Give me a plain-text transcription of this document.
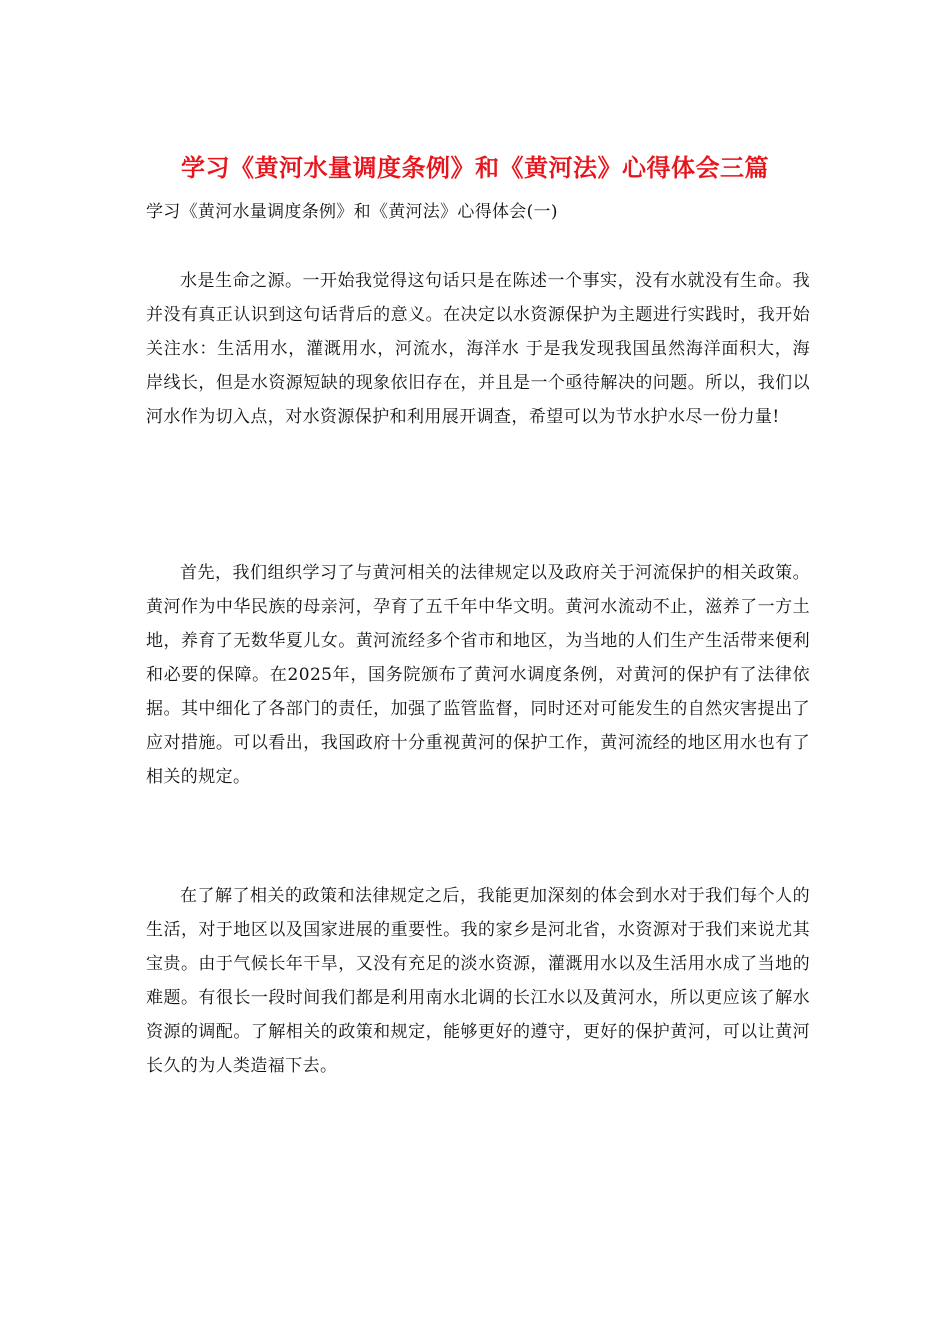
学习《黄河水量调度条例》和《黄河法》心得体会三篇
学习《黄河水量调度条例》和《黄河法》心得体会(一)

水是生命之源。一开始我觉得这句话只是在陈述一个事实，没有水就没有生命。我并没有真正认识到这句话背后的意义。在决定以水资源保护为主题进行实践时，我开始关注水：生活用水，灌溉用水，河流水，海洋水 于是我发现我国虽然海洋面积大，海岸线长，但是水资源短缺的现象依旧存在，并且是一个亟待解决的问题。所以，我们以河水作为切入点，对水资源保护和利用展开调查，希望可以为节水护水尽一份力量!

首先，我们组织学习了与黄河相关的法律规定以及政府关于河流保护的相关政策。黄河作为中华民族的母亲河，孕育了五千年中华文明。黄河水流动不止，滋养了一方土地，养育了无数华夏儿女。黄河流经多个省市和地区，为当地的人们生产生活带来便利和必要的保障。在2025年，国务院颁布了黄河水调度条例，对黄河的保护有了法律依据。其中细化了各部门的责任，加强了监管监督，同时还对可能发生的自然灾害提出了应对措施。可以看出，我国政府十分重视黄河的保护工作，黄河流经的地区用水也有了相关的规定。

在了解了相关的政策和法律规定之后，我能更加深刻的体会到水对于我们每个人的生活，对于地区以及国家进展的重要性。我的家乡是河北省，水资源对于我们来说尤其宝贵。由于气候长年干旱，又没有充足的淡水资源，灌溉用水以及生活用水成了当地的难题。有很长一段时间我们都是利用南水北调的长江水以及黄河水，所以更应该了解水资源的调配。了解相关的政策和规定，能够更好的遵守，更好的保护黄河，可以让黄河长久的为人类造福下去。
